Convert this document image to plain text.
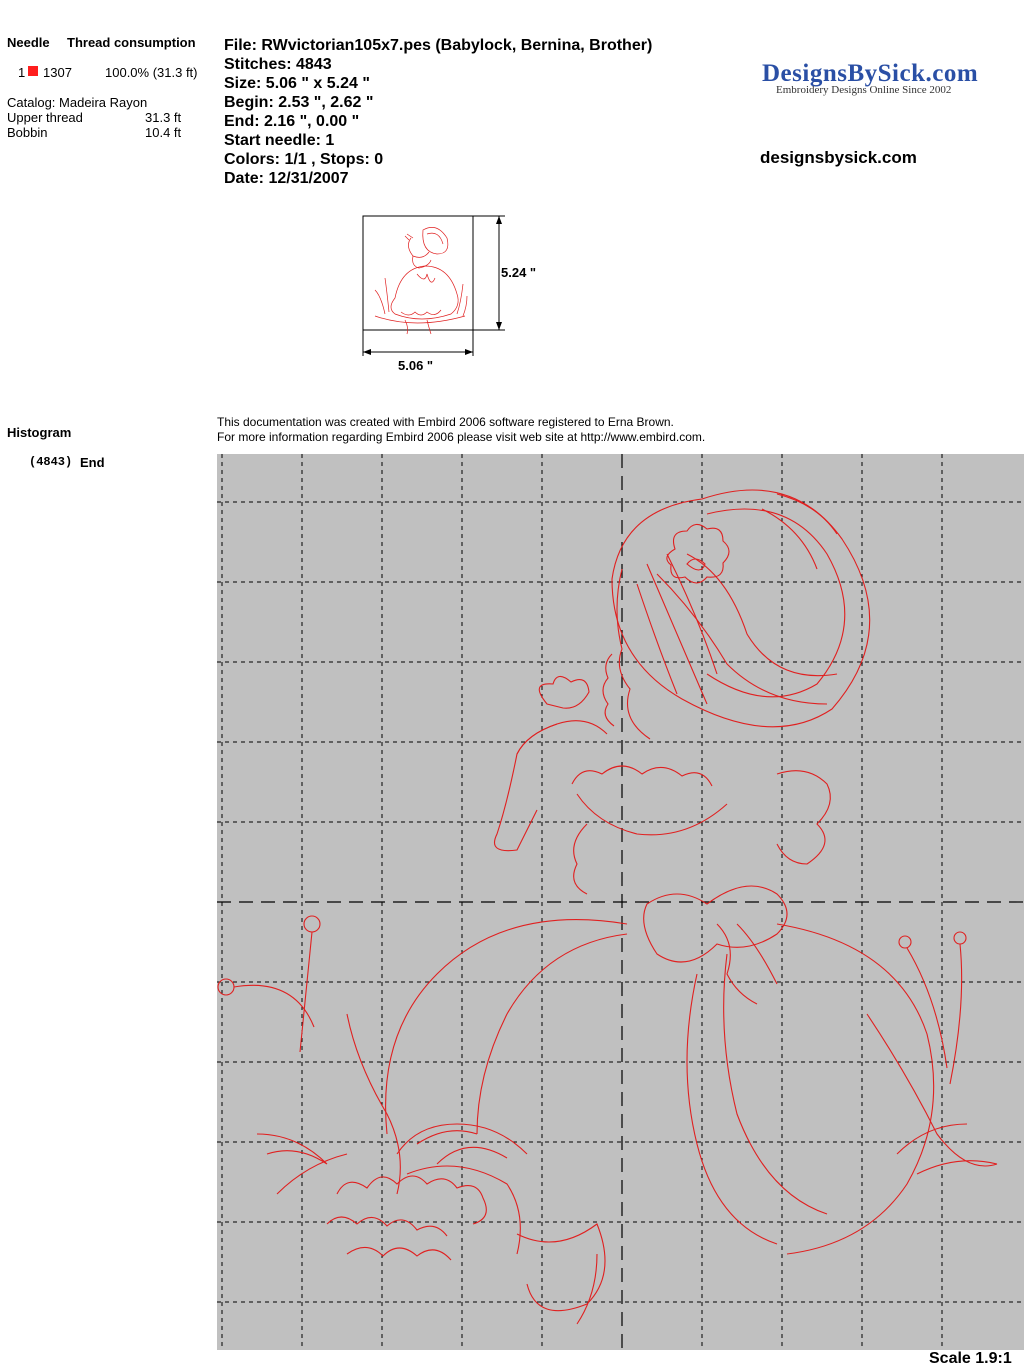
Needle Thread consumption
1 1307	100.0% (31.3 ft)
Catalog: Madeira Rayon
Upper thread	31.3 ft
Bobbin	10.4 ft
File: RWvictorian105x7.pes (Babylock, Bernina, Brother)
Stitches: 4843
Size: 5.06 " x 5.24 "
Begin: 2.53 ", 2.62 "
End: 2.16 ", 0.00 "
Start needle: 1
Colors: 1/1 , Stops: 0
Date: 12/31/2007
DesignsBySick.com
Embroidery Designs Online Since 2002
designsbysick.com
5.24 "
5.06 "
Histogram
(4843) End
This documentation was created with Embird 2006 software registered to Erna Brown.
For more information regarding Embird 2006 please visit web site at http://www.embird.com.
Scale 1.9:1
